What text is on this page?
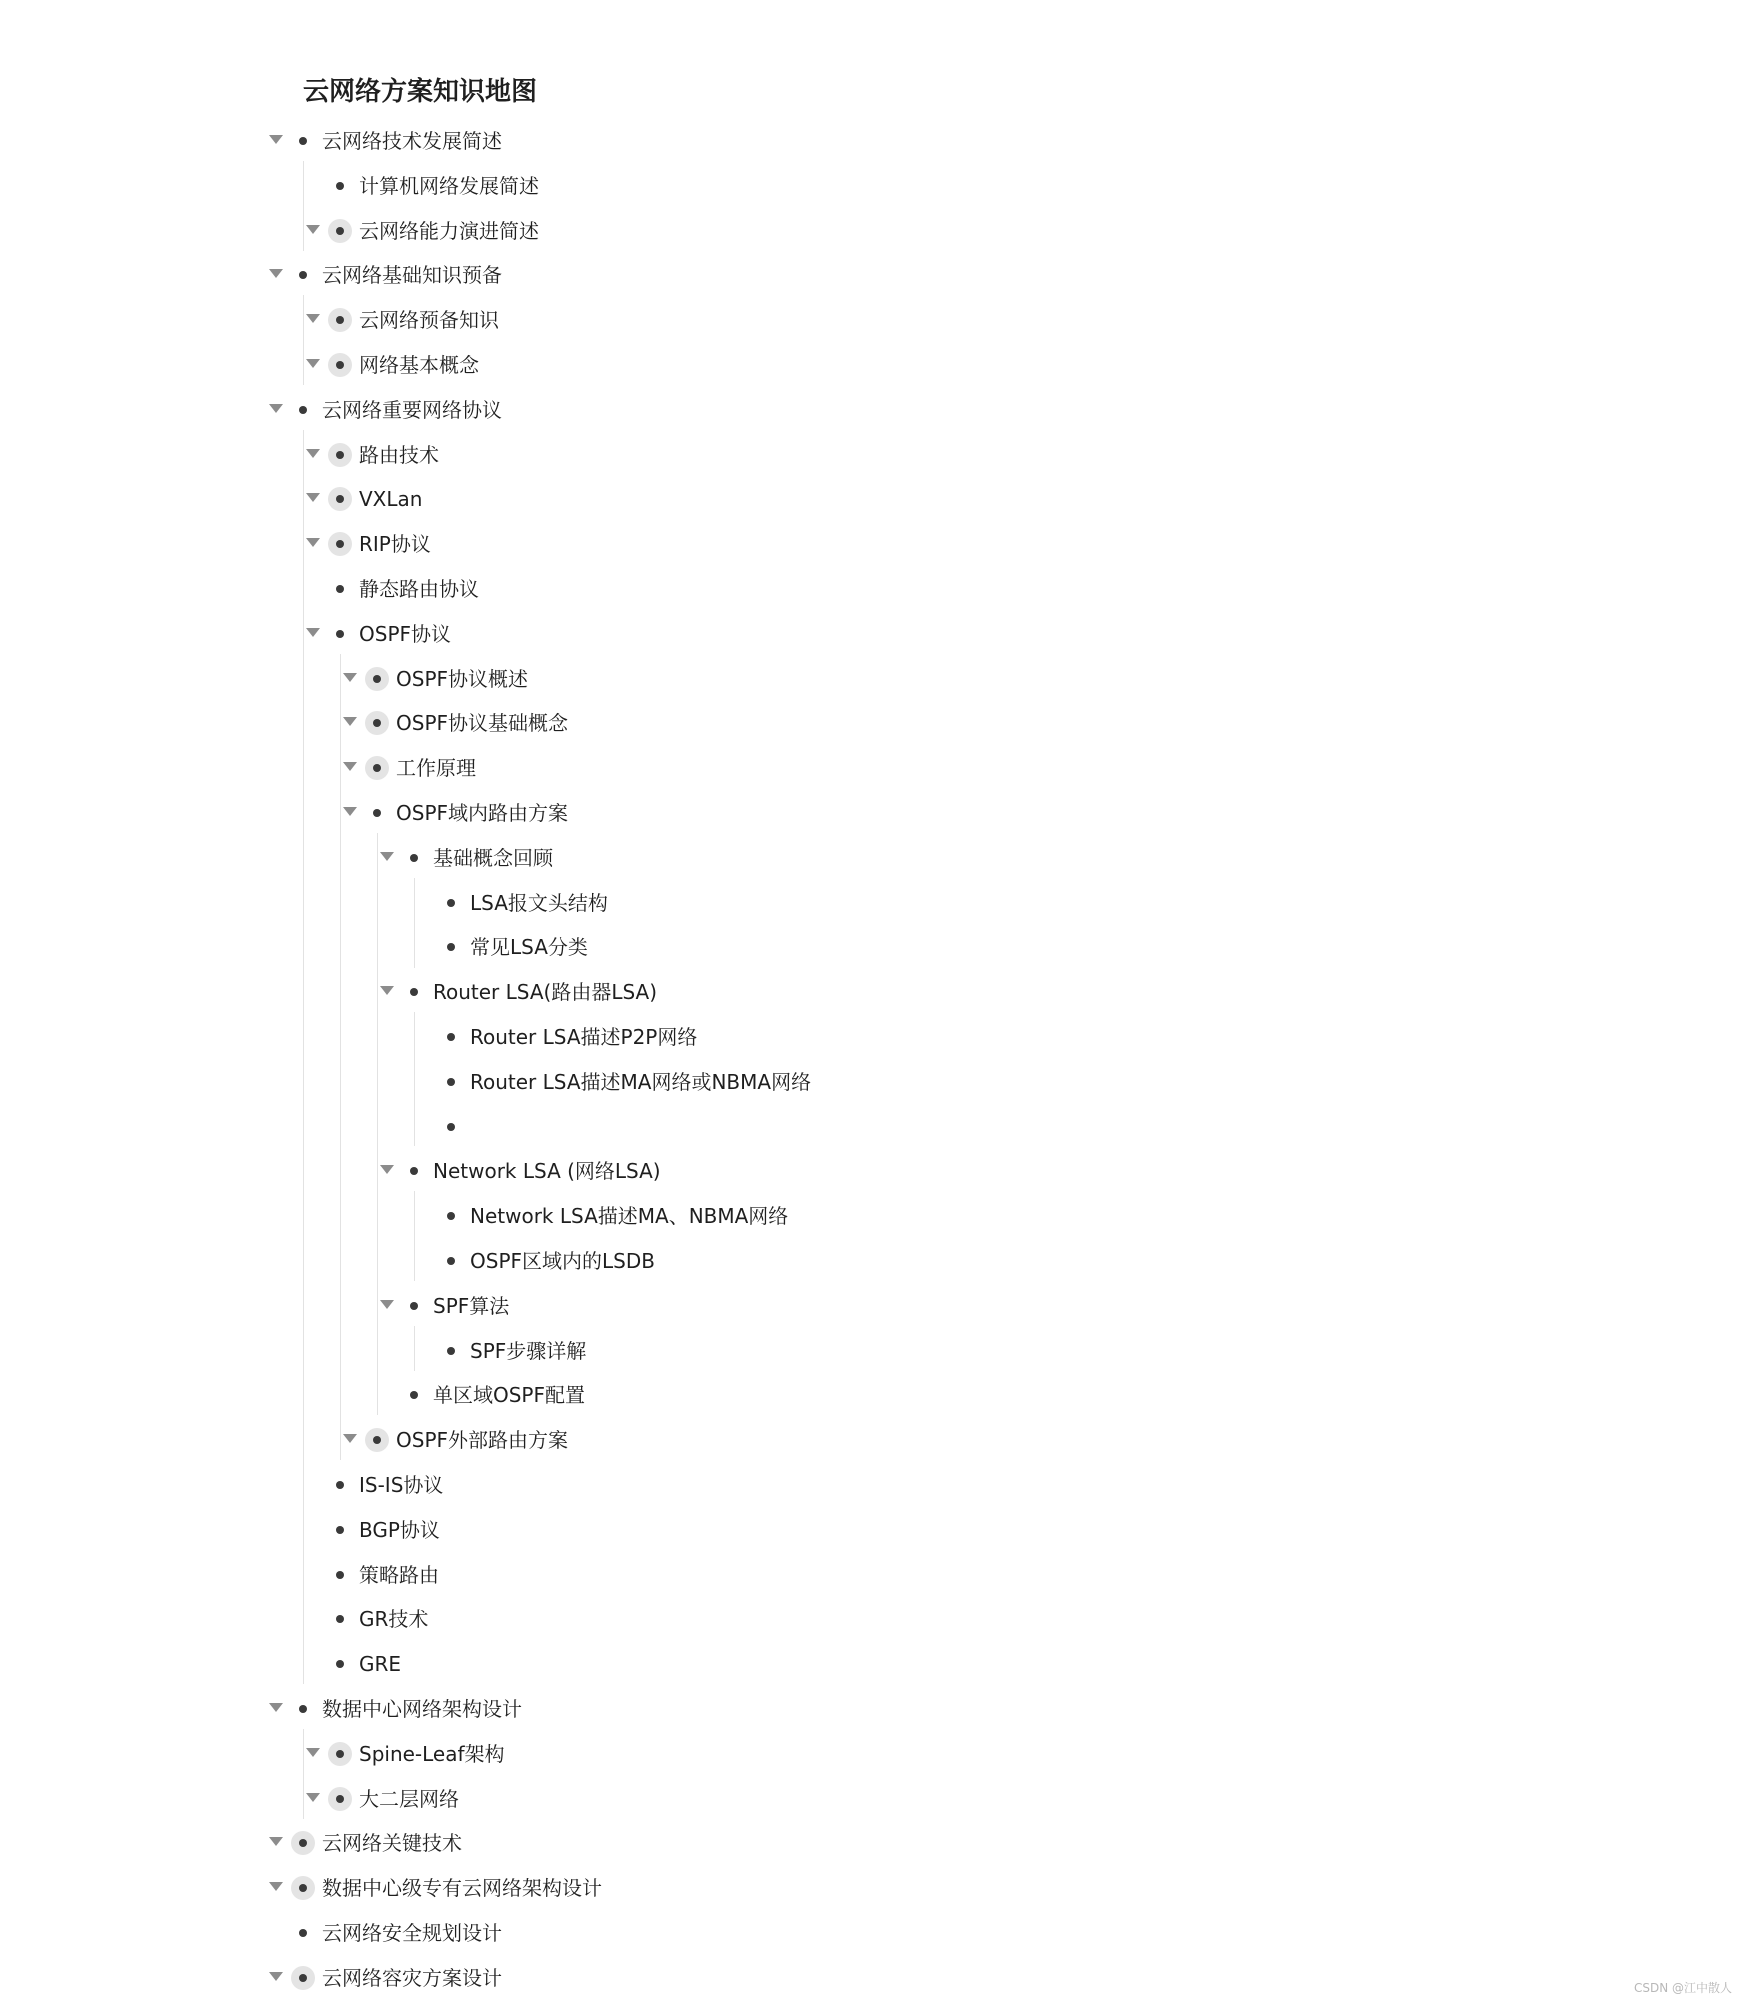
云网络方案知识地图
云网络技术发展简述
计算机网络发展简述
云网络能力演进简述
云网络基础知识预备
云网络预备知识
网络基本概念
云网络重要网络协议
路由技术
VXLan
RIP协议
静态路由协议
OSPF协议
OSPF协议概述
OSPF协议基础概念
工作原理
OSPF域内路由方案
基础概念回顾
LSA报文头结构
常见LSA分类
Router LSA(路由器LSA)
Router LSA描述P2P网络
Router LSA描述MA网络或NBMA网络
Network LSA (网络LSA)
Network LSA描述MA、NBMA网络
OSPF区域内的LSDB
SPF算法
SPF步骤详解
单区域OSPF配置
OSPF外部路由方案
IS-IS协议
BGP协议
策略路由
GR技术
GRE
数据中心网络架构设计
Spine-Leaf架构
大二层网络
云网络关键技术
数据中心级专有云网络架构设计
云网络安全规划设计
云网络容灾方案设计	CSDN @江中散人
